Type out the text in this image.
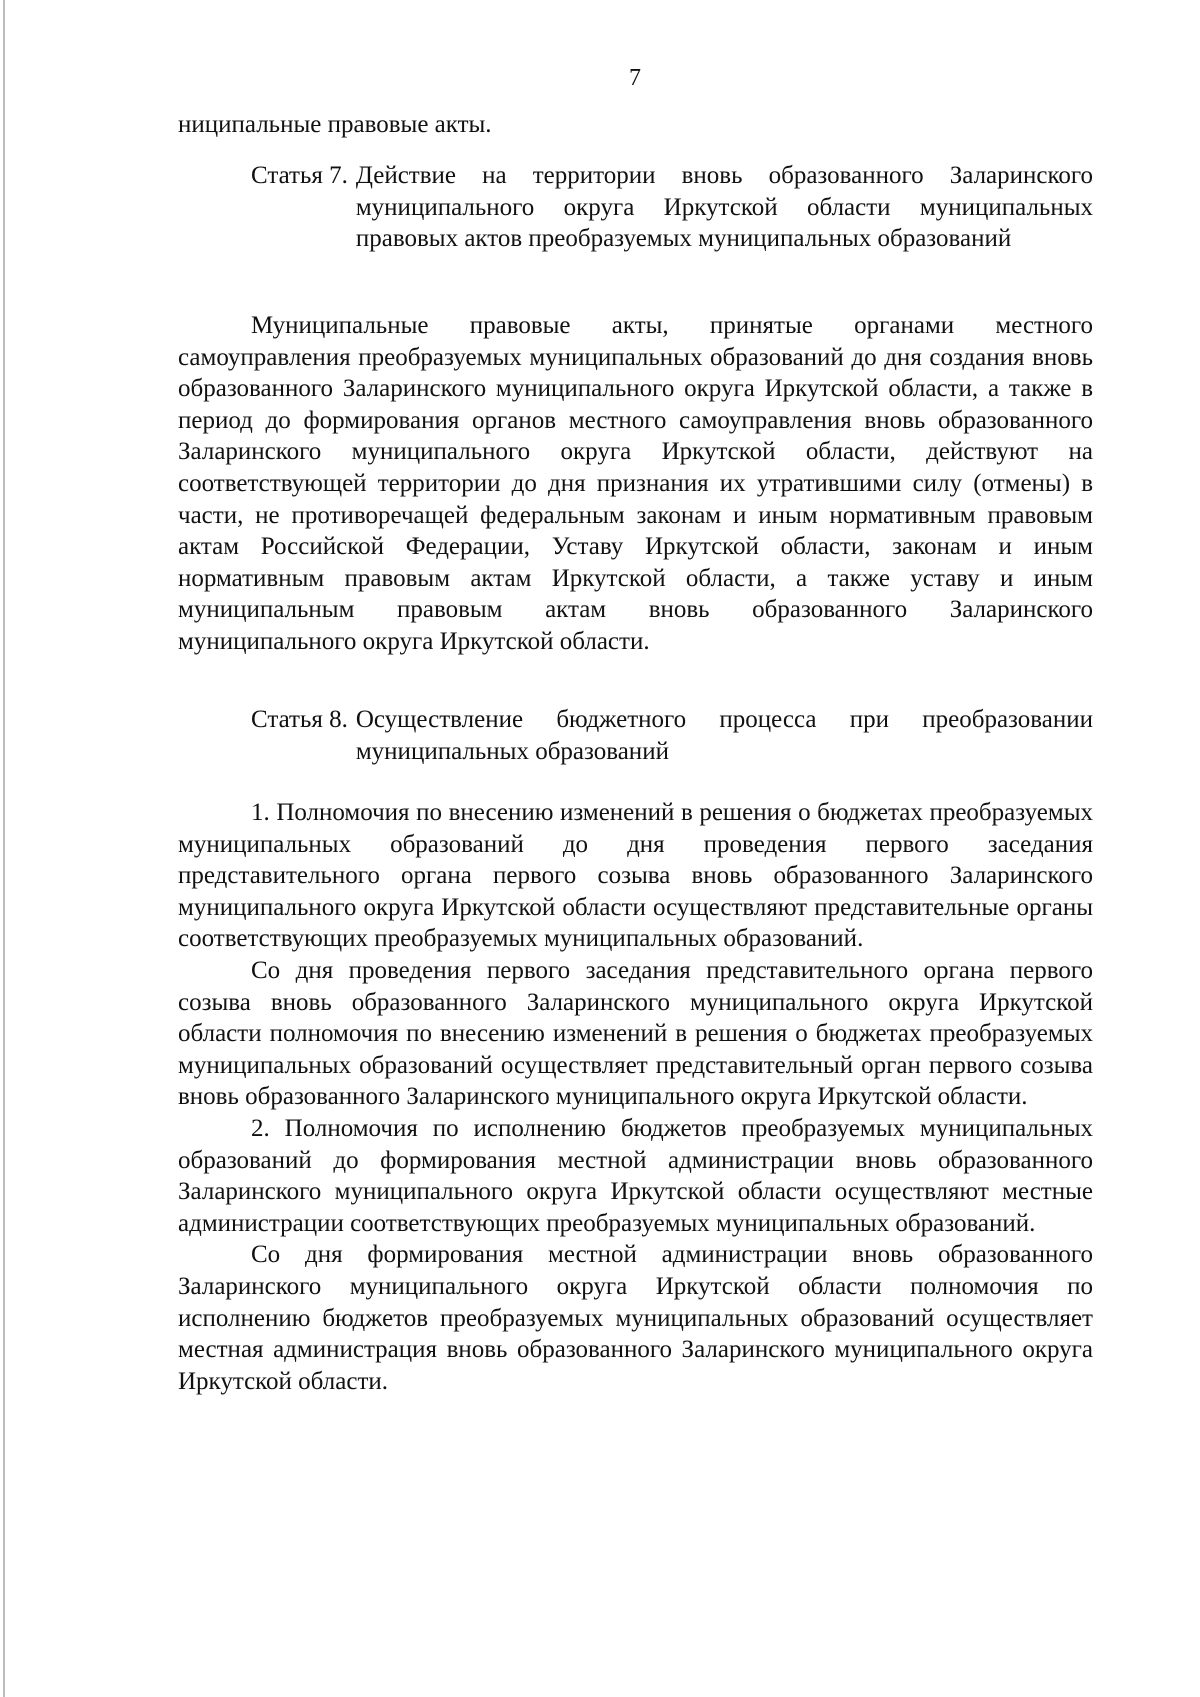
7

ниципальные правовые акты.

Статья 7. Действие на территории вновь образованного Заларинского муниципального округа Иркутской области муниципальных правовых актов преобразуемых муниципальных образований

Муниципальные правовые акты, принятые органами местного самоуправления преобразуемых муниципальных образований до дня создания вновь образованного Заларинского муниципального округа Иркутской области, а также в период до формирования органов местного самоуправления вновь образованного Заларинского муниципального округа Иркутской области, действуют на соответствующей территории до дня признания их утратившими силу (отмены) в части, не противоречащей федеральным законам и иным нормативным правовым актам Российской Федерации, Уставу Иркутской области, законам и иным нормативным правовым актам Иркутской области, а также уставу и иным муниципальным правовым актам вновь образованного Заларинского муниципального округа Иркутской области.

Статья 8. Осуществление бюджетного процесса при преобразовании муниципальных образований

1. Полномочия по внесению изменений в решения о бюджетах преобразуемых муниципальных образований до дня проведения первого заседания представительного органа первого созыва вновь образованного Заларинского муниципального округа Иркутской области осуществляют представительные органы соответствующих преобразуемых муниципальных образований.

Со дня проведения первого заседания представительного органа первого созыва вновь образованного Заларинского муниципального округа Иркутской области полномочия по внесению изменений в решения о бюджетах преобразуемых муниципальных образований осуществляет представительный орган первого созыва вновь образованного Заларинского муниципального округа Иркутской области.

2. Полномочия по исполнению бюджетов преобразуемых муниципальных образований до формирования местной администрации вновь образованного Заларинского муниципального округа Иркутской области осуществляют местные администрации соответствующих преобразуемых муниципальных образований.

Со дня формирования местной администрации вновь образованного Заларинского муниципального округа Иркутской области полномочия по исполнению бюджетов преобразуемых муниципальных образований осуществляет местная администрация вновь образованного Заларинского муниципального округа Иркутской области.
